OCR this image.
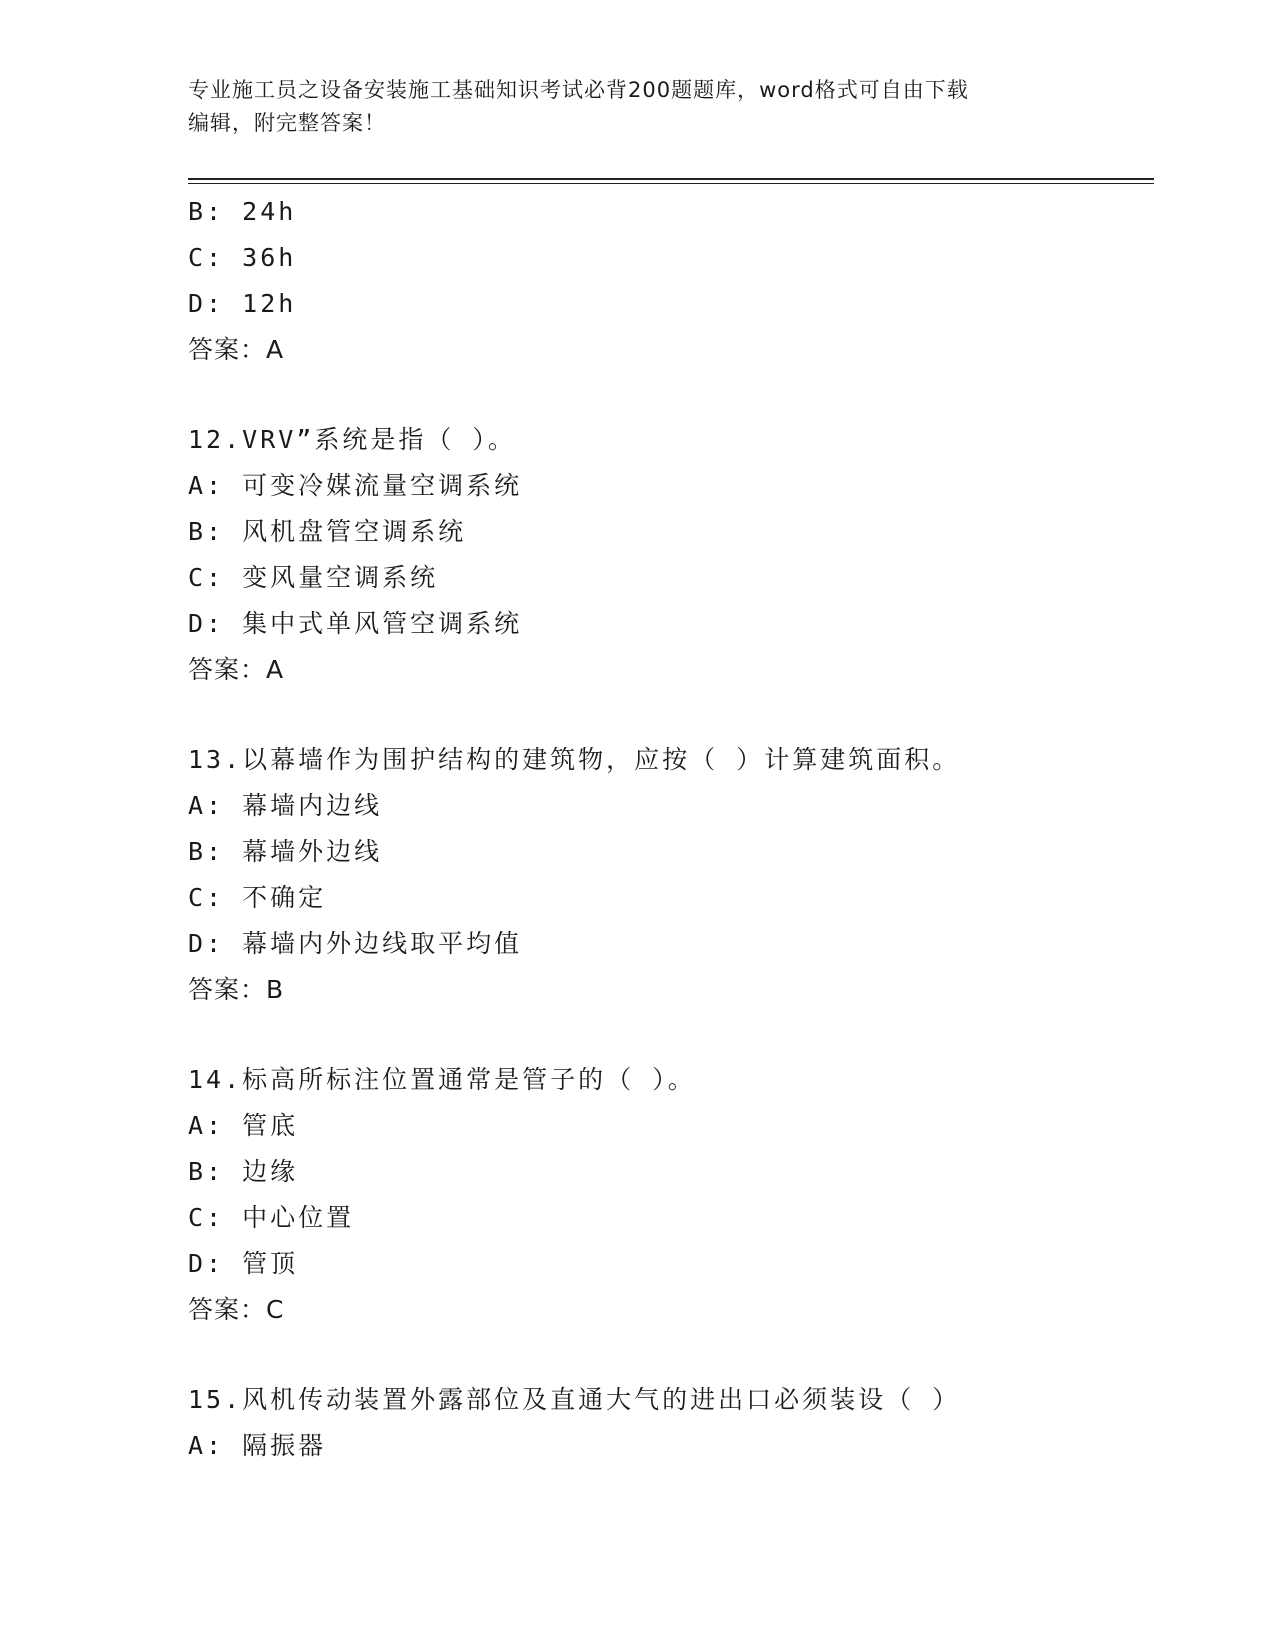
专业施工员之设备安装施工基础知识考试必背200题题库，word格式可自由下载
编辑，附完整答案！
B: 24h
C: 36h
D: 12h
答案：A
12.VRV”系统是指（ ）。
A: 可变冷媒流量空调系统
B: 风机盘管空调系统
C: 变风量空调系统
D: 集中式单风管空调系统
答案：A
13.以幕墙作为围护结构的建筑物，应按（ ）计算建筑面积。
A: 幕墙内边线
B: 幕墙外边线
C: 不确定
D: 幕墙内外边线取平均值
答案：B
14.标高所标注位置通常是管子的（ ）。
A: 管底
B: 边缘
C: 中心位置
D: 管顶
答案：C
15.风机传动装置外露部位及直通大气的进出口必须装设（ ）
A: 隔振器
